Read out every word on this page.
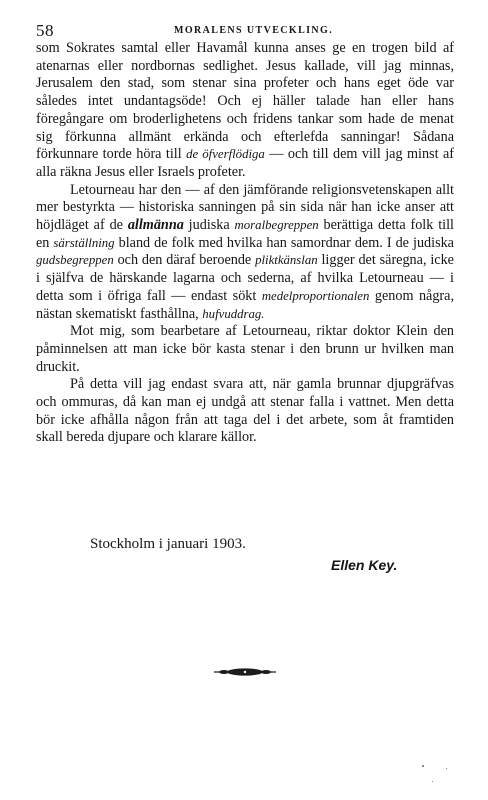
58	MORALENS UTVECKLING.

som Sokrates samtal eller Havamål kunna anses ge en trogen bild af atenarnas eller nordbornas sedlighet. Jesus kallade, vill jag minnas, Jerusalem den stad, som stenar sina profeter och hans eget öde var således intet undantagsöde! Och ej häller talade han eller hans föregångare om broderlighetens och fridens tankar som hade de menat sig förkunna allmänt erkända och efterlefda sanningar! Sådana förkunnare torde höra till de öfverflödiga — och till dem vill jag minst af alla räkna Jesus eller Israels profeter.

Letourneau har den — af den jämförande religionsvetenskapen allt mer bestyrkta — historiska sanningen på sin sida när han icke anser att höjdläget af de allmänna judiska moralbegreppen berättiga detta folk till en särställning bland de folk med hvilka han samordnar dem. I de judiska gudsbegreppen och den däraf beroende pliktkänslan ligger det säregna, icke i själfva de härskande lagarna och sederna, af hvilka Letourneau — i detta som i öfriga fall — endast sökt medelproportionalen genom några, nästan skematiskt fasthållna, hufvuddrag.

Mot mig, som bearbetare af Letourneau, riktar doktor Klein den påminnelsen att man icke bör kasta stenar i den brunn ur hvilken man druckit.

På detta vill jag endast svara att, när gamla brunnar djupgräfvas och ommuras, då kan man ej undgå att stenar falla i vattnet. Men detta bör icke afhålla någon från att taga del i det arbete, som åt framtiden skall bereda djupare och klarare källor.

Stockholm i januari 1903.
Ellen Key.
